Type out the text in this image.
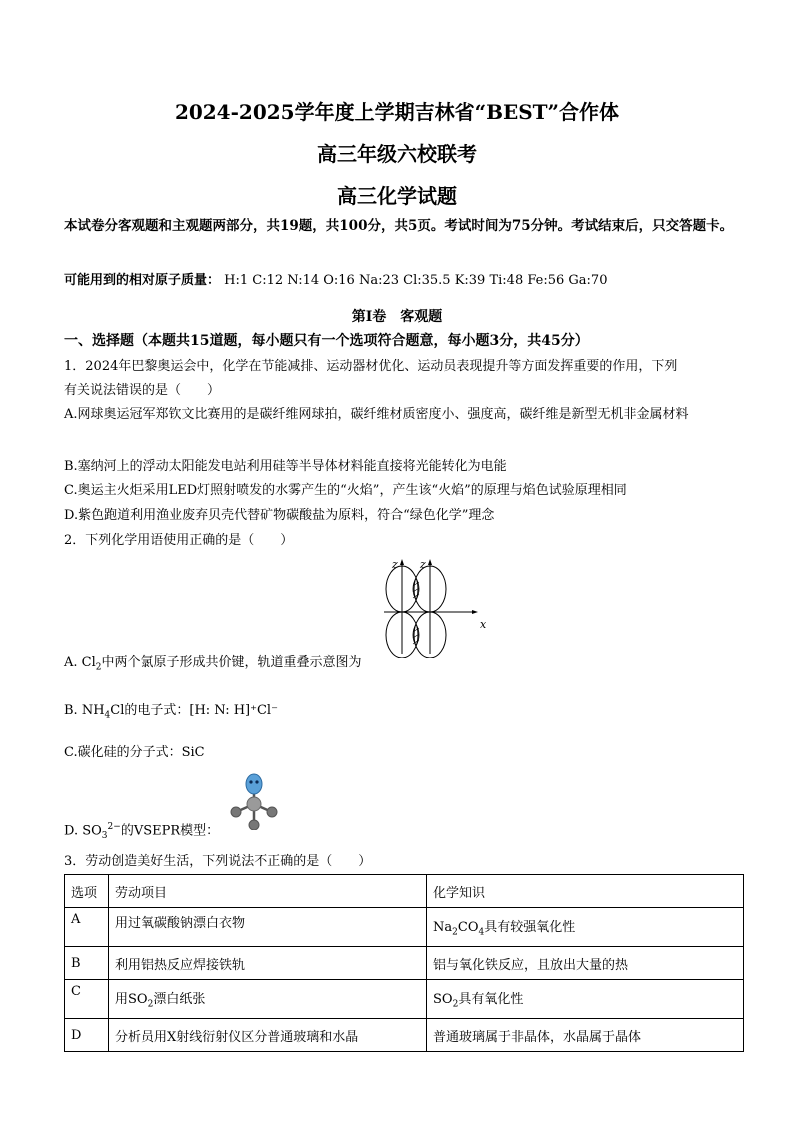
2024-2025学年度上学期吉林省“BEST”合作体
高三年级六校联考
高三化学试题
本试卷分客观题和主观题两部分，共19题，共100分，共5页。考试时间为75分钟。考试结束后，只交答题卡。
可能用到的相对原子质量： H:1 C:12 N:14 O:16 Na:23 Cl:35.5 K:39 Ti:48 Fe:56 Ga:70
第Ⅰ卷　客观题
一、选择题（本题共15道题，每小题只有一个选项符合题意，每小题3分，共45分）
1．2024年巴黎奥运会中，化学在节能减排、运动器材优化、运动员表现提升等方面发挥重要的作用，下列
有关说法错误的是（　　）
A.网球奥运冠军郑钦文比赛用的是碳纤维网球拍，碳纤维材质密度小、强度高，碳纤维是新型无机非金属材料
B.塞纳河上的浮动太阳能发电站利用硅等半导体材料能直接将光能转化为电能
C.奥运主火炬采用LED灯照射喷发的水雾产生的“火焰”，产生该“火焰”的原理与焰色试验原理相同
D.紫色跑道利用渔业废弃贝壳代替矿物碳酸盐为原料，符合“绿色化学”理念
2．下列化学用语使用正确的是（　　）
z z
x
A. $Cl_2$中两个氯原子形成共价键，轨道重叠示意图为
B. $NH_4Cl$的电子式：[H: N: H]⁺Cl⁻
C.碳化硅的分子式：SiC
D. $SO_3^{2-}$的VSEPR模型：
3．劳动创造美好生活，下列说法不正确的是（　　）
选项	劳动项目	化学知识
A	用过氧碳酸钠漂白衣物	$Na_2CO_4$具有较强氧化性
B	利用铝热反应焊接铁轨	铝与氧化铁反应，且放出大量的热
C	用$SO_2$漂白纸张	$SO_2$具有氧化性
D	分析员用X射线衍射仪区分普通玻璃和水晶	普通玻璃属于非晶体，水晶属于晶体
